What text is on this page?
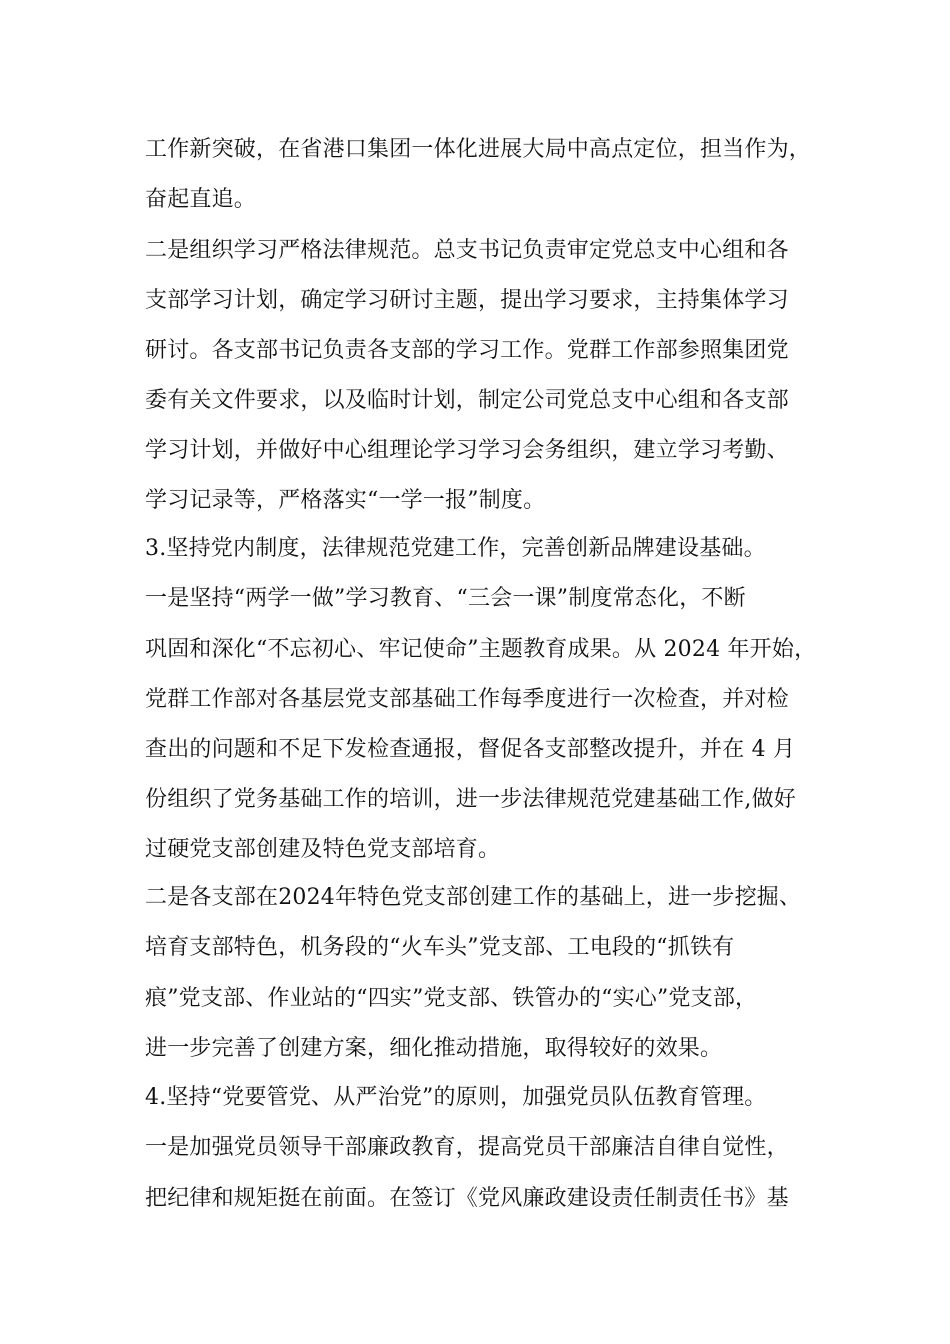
工作新突破，在省港口集团一体化进展大局中高点定位，担当作为，
奋起直追。
二是组织学习严格法律规范。总支书记负责审定党总支中心组和各
支部学习计划，确定学习研讨主题，提出学习要求，主持集体学习
研讨。各支部书记负责各支部的学习工作。党群工作部参照集团党
委有关文件要求，以及临时计划，制定公司党总支中心组和各支部
学习计划，并做好中心组理论学习学习会务组织，建立学习考勤、
学习记录等，严格落实“一学一报”制度。
3.坚持党内制度，法律规范党建工作，完善创新品牌建设基础。
一是坚持“两学一做”学习教育、“三会一课”制度常态化，不断
巩固和深化“不忘初心、牢记使命”主题教育成果。从 2024 年开始，
党群工作部对各基层党支部基础工作每季度进行一次检查，并对检
查出的问题和不足下发检查通报，督促各支部整改提升，并在 4 月
份组织了党务基础工作的培训，进一步法律规范党建基础工作,做好
过硬党支部创建及特色党支部培育。
二是各支部在2024年特色党支部创建工作的基础上，进一步挖掘、
培育支部特色，机务段的“火车头”党支部、工电段的“抓铁有
痕”党支部、作业站的“四实”党支部、铁管办的“实心”党支部，
进一步完善了创建方案，细化推动措施，取得较好的效果。
4.坚持“党要管党、从严治党”的原则，加强党员队伍教育管理。
一是加强党员领导干部廉政教育，提高党员干部廉洁自律自觉性，
把纪律和规矩挺在前面。在签订《党风廉政建设责任制责任书》基
